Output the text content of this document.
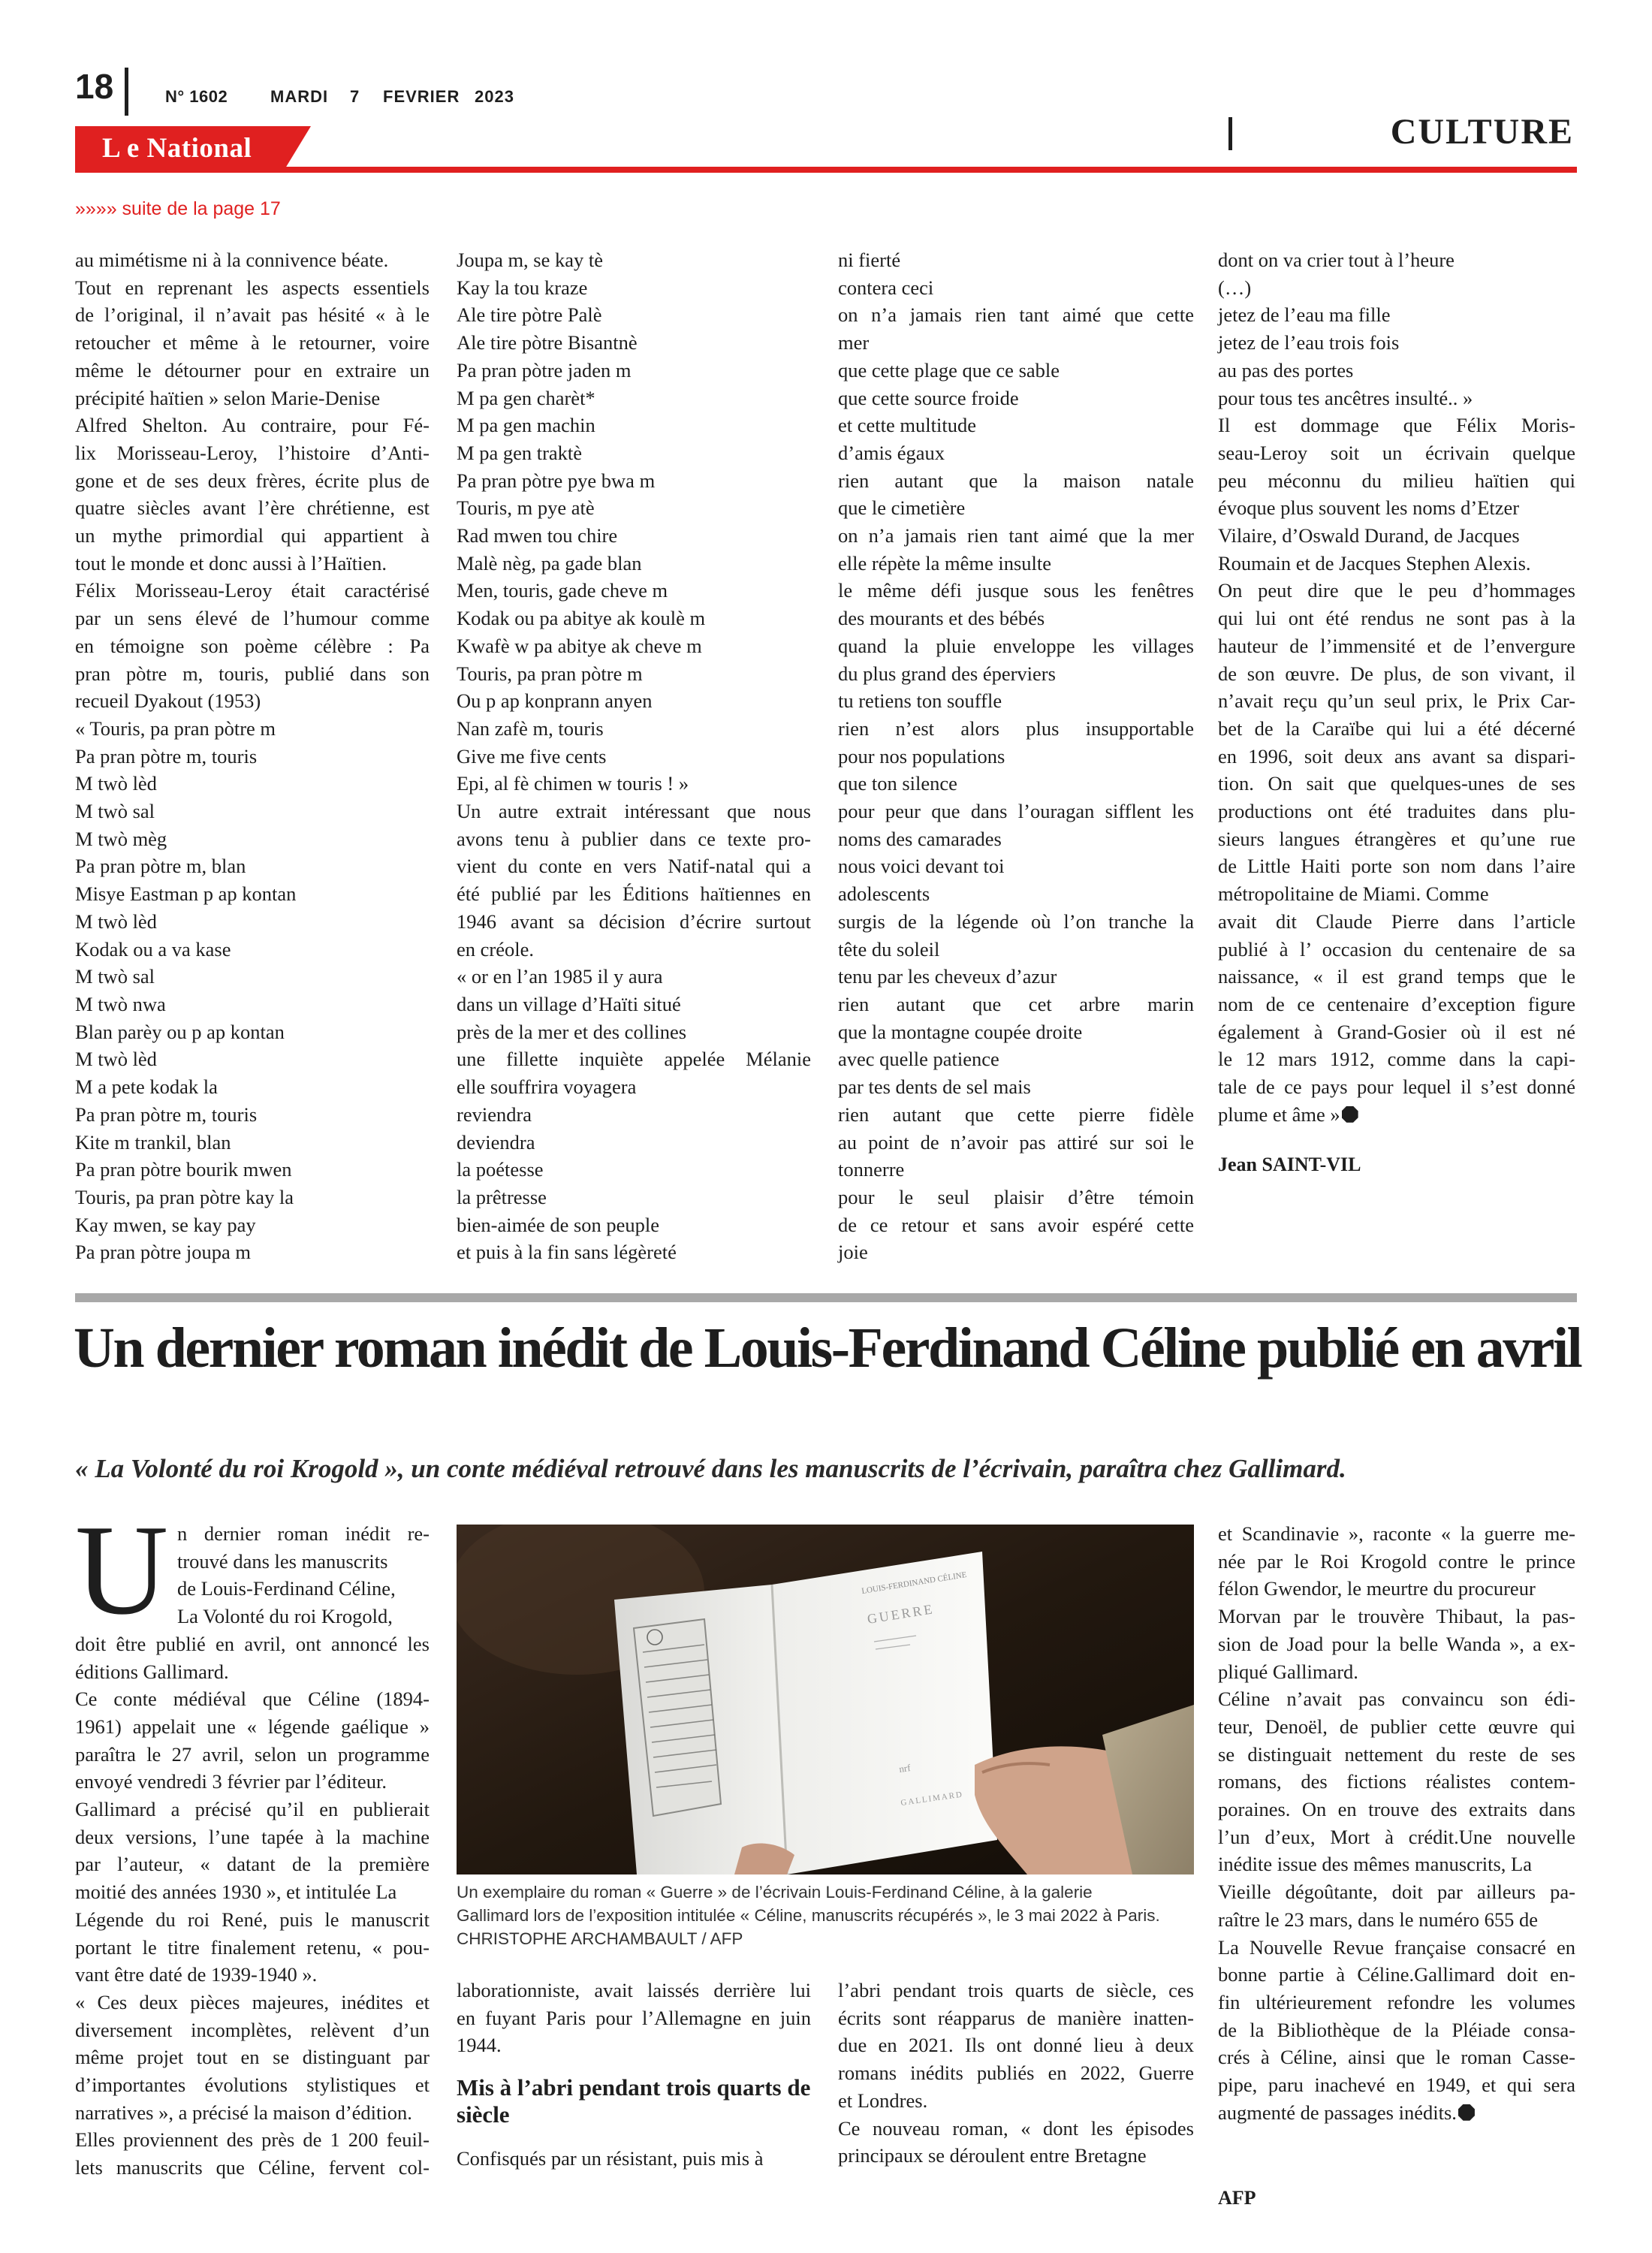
18	N° 1602	MARDI 7 FEVRIER 2023
CULTURE
L e National
»»»» suite de la page 17
au mimétisme ni à la connivence béate.
Tout en reprenant les aspects essentiels
de l’original, il n’avait pas hésité « à le
retoucher et même à le retourner, voire
même le détourner pour en extraire un
précipité haïtien » selon Marie-Denise
Alfred Shelton. Au contraire, pour Fé-
lix Morisseau-Leroy, l’histoire d’Anti-
gone et de ses deux frères, écrite plus de
quatre siècles avant l’ère chrétienne, est
un mythe primordial qui appartient à
tout le monde et donc aussi à l’Haïtien.
Félix Morisseau-Leroy était caractérisé
par un sens élevé de l’humour comme
en témoigne son poème célèbre : Pa
pran pòtre m, touris, publié dans son
recueil Dyakout (1953)
« Touris, pa pran pòtre m
Pa pran pòtre m, touris
M twò lèd
M twò sal
M twò mèg
Pa pran pòtre m, blan
Misye Eastman p ap kontan
M twò lèd
Kodak ou a va kase
M twò sal
M twò nwa
Blan parèy ou p ap kontan
M twò lèd
M a pete kodak la
Pa pran pòtre m, touris
Kite m trankil, blan
Pa pran pòtre bourik mwen
Touris, pa pran pòtre kay la
Kay mwen, se kay pay
Pa pran pòtre joupa m
Joupa m, se kay tè
Kay la tou kraze
Ale tire pòtre Palè
Ale tire pòtre Bisantnè
Pa pran pòtre jaden m
M pa gen charèt*
M pa gen machin
M pa gen traktè
Pa pran pòtre pye bwa m
Touris, m pye atè
Rad mwen tou chire
Malè nèg, pa gade blan
Men, touris, gade cheve m
Kodak ou pa abitye ak koulè m
Kwafè w pa abitye ak cheve m
Touris, pa pran pòtre m
Ou p ap konprann anyen
Nan zafè m, touris
Give me five cents
Epi, al fè chimen w touris ! »
Un autre extrait intéressant que nous
avons tenu à publier dans ce texte pro-
vient du conte en vers Natif-natal qui a
été publié par les Éditions haïtiennes en
1946 avant sa décision d’écrire surtout
en créole.
« or en l’an 1985 il y aura
dans un village d’Haïti situé
près de la mer et des collines
une fillette inquiète appelée Mélanie
elle souffrira voyagera
reviendra
deviendra
la poétesse
la prêtresse
bien-aimée de son peuple
et puis à la fin sans légèreté
ni fierté
contera ceci
on n’a jamais rien tant aimé que cette
mer
que cette plage que ce sable
que cette source froide
et cette multitude
d’amis égaux
rien autant que la maison natale
que le cimetière
on n’a jamais rien tant aimé que la mer
elle répète la même insulte
le même défi jusque sous les fenêtres
des mourants et des bébés
quand la pluie enveloppe les villages
du plus grand des éperviers
tu retiens ton souffle
rien n’est alors plus insupportable
pour nos populations
que ton silence
pour peur que dans l’ouragan sifflent les
noms des camarades
nous voici devant toi
adolescents
surgis de la légende où l’on tranche la
tête du soleil
tenu par les cheveux d’azur
rien autant que cet arbre marin
que la montagne coupée droite
avec quelle patience
par tes dents de sel mais
rien autant que cette pierre fidèle
au point de n’avoir pas attiré sur soi le
tonnerre
pour le seul plaisir d’être témoin
de ce retour et sans avoir espéré cette
joie
dont on va crier tout à l’heure
(…)
jetez de l’eau ma fille
jetez de l’eau trois fois
au pas des portes
pour tous tes ancêtres insulté.. »
Il est dommage que Félix Moris-
seau-Leroy soit un écrivain quelque
peu méconnu du milieu haïtien qui
évoque plus souvent les noms d’Etzer
Vilaire, d’Oswald Durand, de Jacques
Roumain et de Jacques Stephen Alexis.
On peut dire que le peu d’hommages
qui lui ont été rendus ne sont pas à la
hauteur de l’immensité et de l’envergure
de son œuvre. De plus, de son vivant, il
n’avait reçu qu’un seul prix, le Prix Car-
bet de la Caraïbe qui lui a été décerné
en 1996, soit deux ans avant sa dispari-
tion. On sait que quelques-unes de ses
productions ont été traduites dans plu-
sieurs langues étrangères et qu’une rue
de Little Haiti porte son nom dans l’aire
métropolitaine de Miami. Comme
avait dit Claude Pierre dans l’article
publié à l’ occasion du centenaire de sa
naissance, « il est grand temps que le
nom de ce centenaire d’exception figure
également à Grand-Gosier où il est né
le 12 mars 1912, comme dans la capi-
tale de ce pays pour lequel il s’est donné
plume et âme »
Jean SAINT-VIL
Un dernier roman inédit de Louis-Ferdinand Céline publié en avril
« La Volonté du roi Krogold », un conte médiéval retrouvé dans les manuscrits de l’écrivain, paraîtra chez Gallimard.
U n dernier roman inédit re-
trouvé dans les manuscrits
de Louis-Ferdinand Céline,
La Volonté du roi Krogold,
doit être publié en avril, ont annoncé les
éditions Gallimard.
Ce conte médiéval que Céline (1894-
1961) appelait une « légende gaélique »
paraîtra le 27 avril, selon un programme
envoyé vendredi 3 février par l’éditeur.
Gallimard a précisé qu’il en publierait
deux versions, l’une tapée à la machine
par l’auteur, « datant de la première
moitié des années 1930 », et intitulée La
Légende du roi René, puis le manuscrit
portant le titre finalement retenu, « pou-
vant être daté de 1939-1940 ».
« Ces deux pièces majeures, inédites et
diversement incomplètes, relèvent d’un
même projet tout en se distinguant par
d’importantes évolutions stylistiques et
narratives », a précisé la maison d’édition.
Elles proviennent des près de 1 200 feuil-
lets manuscrits que Céline, fervent col-
LOUIS-FERDINAND CÉLINE
GUERRE
nrf
GALLIMARD
Un exemplaire du roman « Guerre » de l’écrivain Louis-Ferdinand Céline, à la galerie
Gallimard lors de l’exposition intitulée « Céline, manuscrits récupérés », le 3 mai 2022 à Paris.
CHRISTOPHE ARCHAMBAULT / AFP
laborationniste, avait laissés derrière lui
en fuyant Paris pour l’Allemagne en juin
1944.
Mis à l’abri pendant trois quarts de siècle
Confisqués par un résistant, puis mis à
l’abri pendant trois quarts de siècle, ces
écrits sont réapparus de manière inatten-
due en 2021. Ils ont donné lieu à deux
romans inédits publiés en 2022, Guerre
et Londres.
Ce nouveau roman, « dont les épisodes
principaux se déroulent entre Bretagne
et Scandinavie », raconte « la guerre me-
née par le Roi Krogold contre le prince
félon Gwendor, le meurtre du procureur
Morvan par le trouvère Thibaut, la pas-
sion de Joad pour la belle Wanda », a ex-
pliqué Gallimard.
Céline n’avait pas convaincu son édi-
teur, Denoël, de publier cette œuvre qui
se distinguait nettement du reste de ses
romans, des fictions réalistes contem-
poraines. On en trouve des extraits dans
l’un d’eux, Mort à crédit.Une nouvelle
inédite issue des mêmes manuscrits, La
Vieille dégoûtante, doit par ailleurs pa-
raître le 23 mars, dans le numéro 655 de
La Nouvelle Revue française consacré en
bonne partie à Céline.Gallimard doit en-
fin ultérieurement refondre les volumes
de la Bibliothèque de la Pléiade consa-
crés à Céline, ainsi que le roman Casse-
pipe, paru inachevé en 1949, et qui sera
augmenté de passages inédits.
AFP
